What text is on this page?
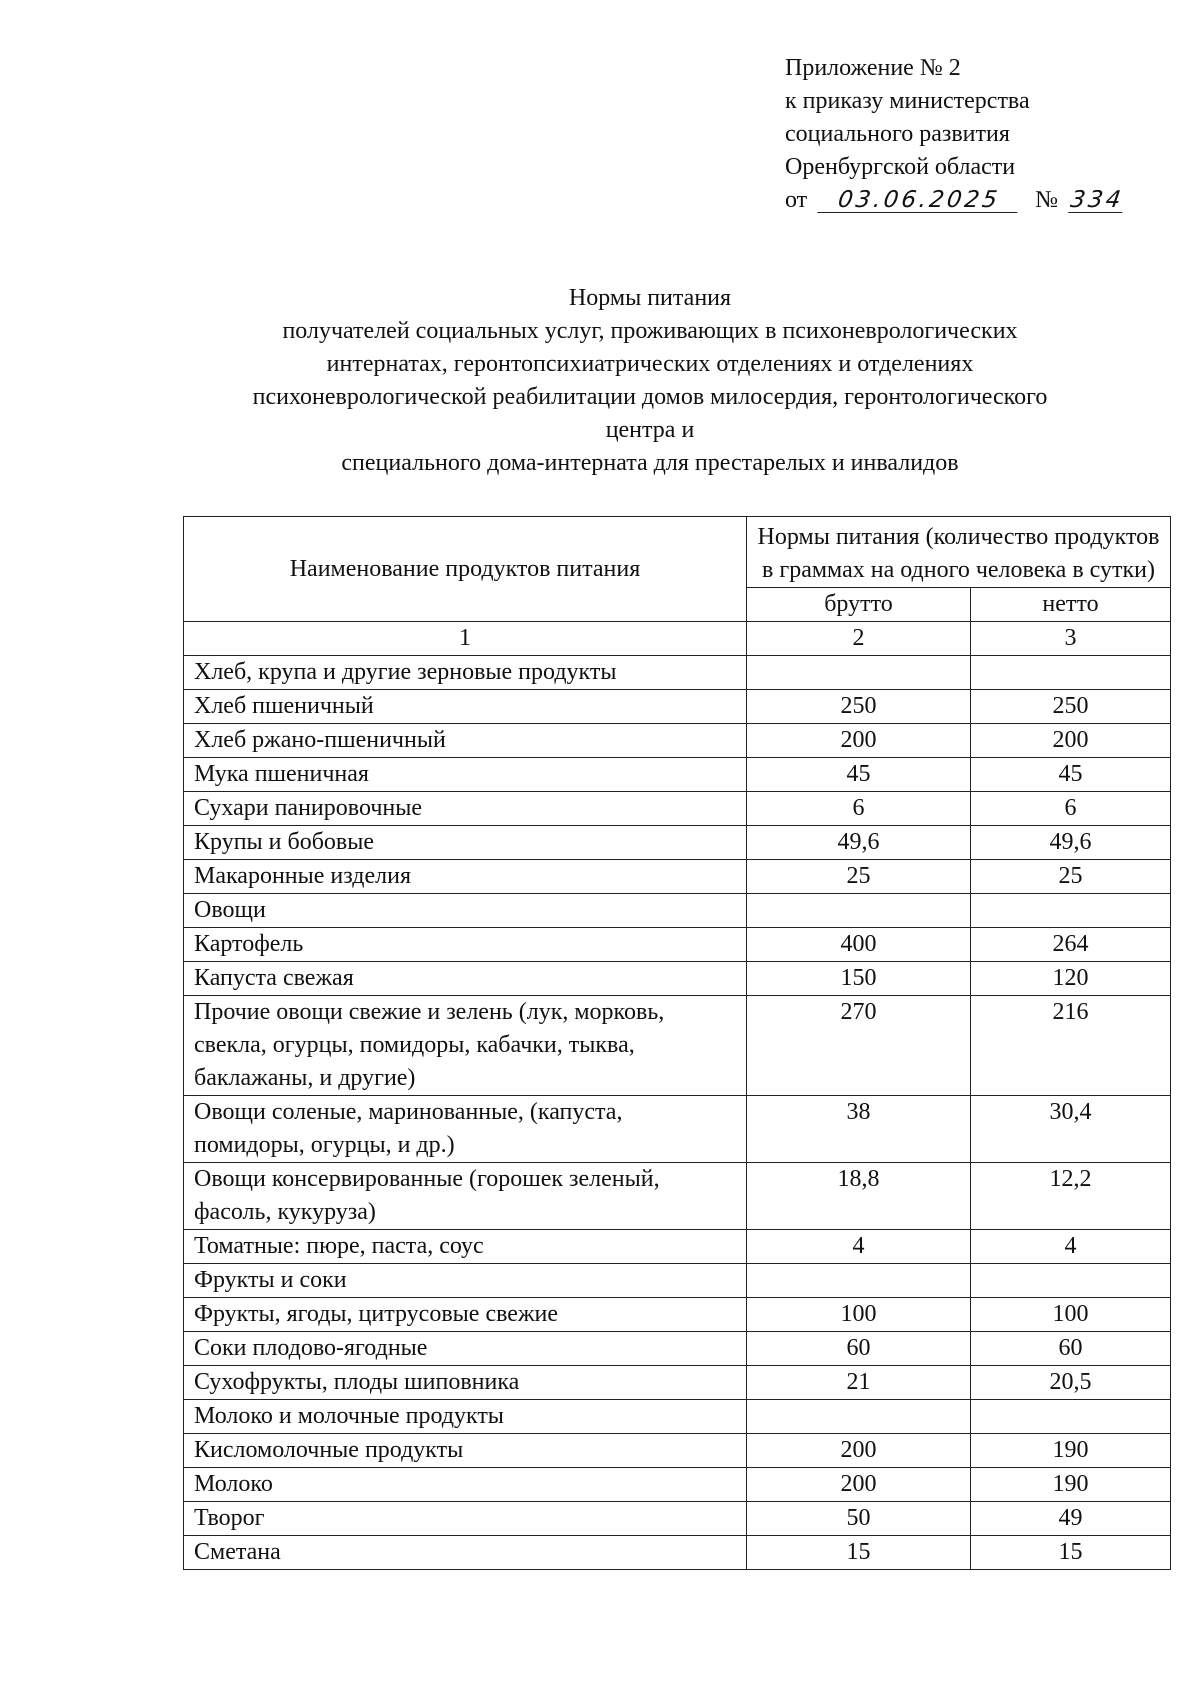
Приложение № 2
к приказу министерства
социального развития
Оренбургской области
от 03.06.2025 № 334
Нормы питания
получателей социальных услуг, проживающих в психоневрологических
интернатах, геронтопсихиатрических отделениях и отделениях
психоневрологической реабилитации домов милосердия, геронтологического
центра и
специального дома-интерната для престарелых и инвалидов
Наименование продуктов питания	Нормы питания (количество продуктов в граммах на одного человека в сутки)	
	брутто	нетто
1	2	3
Хлеб, крупа и другие зерновые продукты		
Хлеб пшеничный	250	250
Хлеб ржано-пшеничный	200	200
Мука пшеничная	45	45
Сухари панировочные	6	6
Крупы и бобовые	49,6	49,6
Макаронные изделия	25	25
Овощи		
Картофель	400	264
Капуста свежая	150	120
Прочие овощи свежие и зелень (лук, морковь, свекла, огурцы, помидоры, кабачки, тыква, баклажаны, и другие)	270	216
Овощи соленые, маринованные, (капуста, помидоры, огурцы, и др.)	38	30,4
Овощи консервированные (горошек зеленый, фасоль, кукуруза)	18,8	12,2
Томатные: пюре, паста, соус	4	4
Фрукты и соки		
Фрукты, ягоды, цитрусовые свежие	100	100
Соки плодово-ягодные	60	60
Сухофрукты, плоды шиповника	21	20,5
Молоко и молочные продукты		
Кисломолочные продукты	200	190
Молоко	200	190
Творог	50	49
Сметана	15	15
